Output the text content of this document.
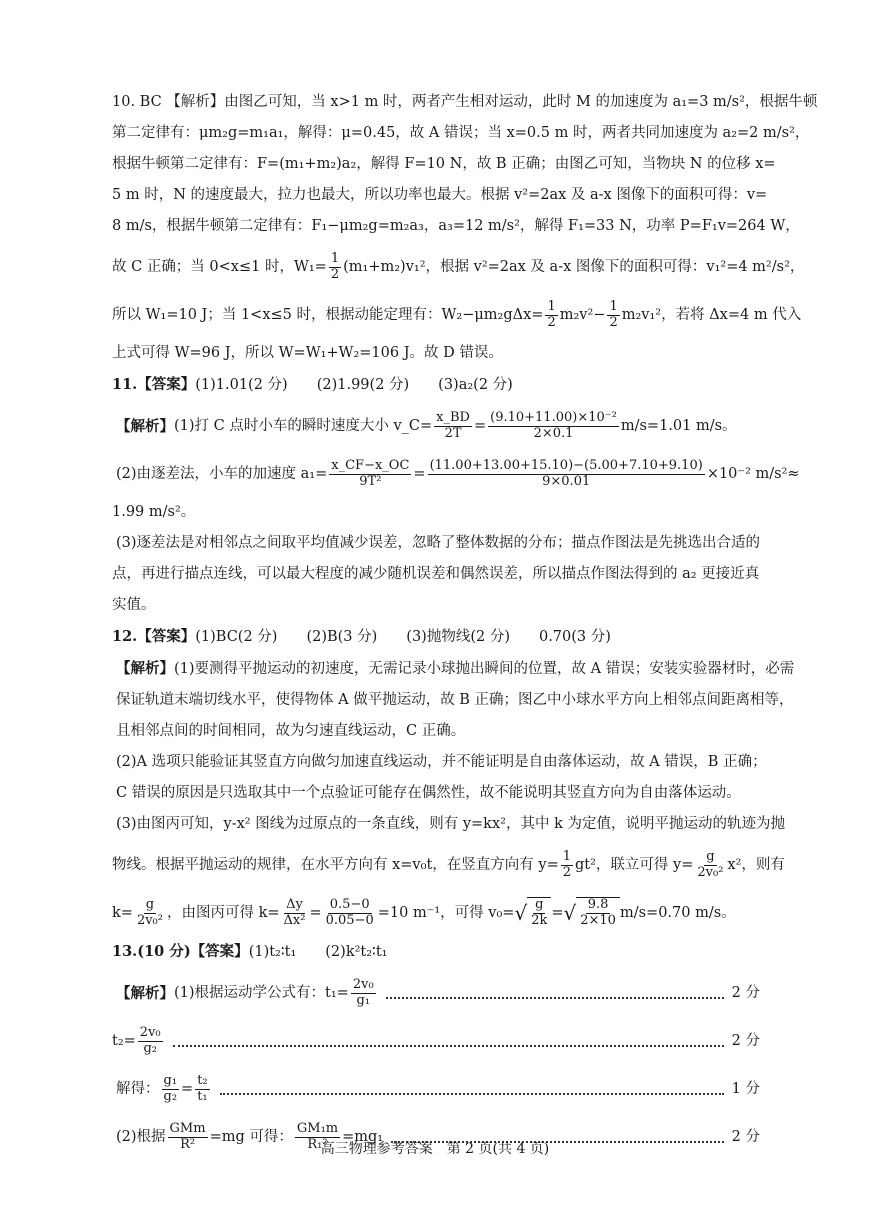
10. BC 【解析】由图乙可知，当 x>1 m 时，两者产生相对运动，此时 M 的加速度为 a₁=3 m/s²，根据牛顿
第二定律有：μm₂g=m₁a₁，解得：μ=0.45，故 A 错误；当 x=0.5 m 时，两者共同加速度为 a₂=2 m/s²，
根据牛顿第二定律有：F=(m₁+m₂)a₂，解得 F=10 N，故 B 正确；由图乙可知，当物块 N 的位移 x=
5 m 时，N 的速度最大，拉力也最大，所以功率也最大。根据 v²=2ax 及 a-x 图像下的面积可得：v=
8 m/s，根据牛顿第二定律有：F₁−μm₂g=m₂a₃，a₃=12 m/s²，解得 F₁=33 N，功率 P=F₁v=264 W，
故 C 正确；当 0<x≤1 时，$W_1= \frac{1}{2} (m_1+m_2)v_1^2$，根据 v²=2ax 及 a-x 图像下的面积可得：v₁²=4 m²/s²，
所以 W₁=10 J；当 1<x≤5 时，根据动能定理有：$W_2-\mu m_2g\Delta x= \frac{1}{2} m_2v^2- \frac{1}{2} m_2v_1^2$，若将 Δx=4 m 代入
上式可得 W=96 J，所以 W=W₁+W₂=106 J。故 D 错误。
11.【答案】(1)1.01(2 分)　　(2)1.99(2 分)　　(3)a₂(2 分)
【解析】 (1)打 C 点时小车的瞬时速度大小 v_C= $\frac{x\_BD}{2T} = \frac{\text{(9.10+11.00)×10⁻²}}{2\times 0.1} m/s=1.01$ m/s。
(2)由逐差法，小车的加速度 $a_1= \frac{x\_CF-x\_OC}{\text{9T²}} = \frac{(11.00+13.00+15.10)-(5.00+7.10+9.10)}{9\times 0.01} \times 10^{-2}$ m/s²≈
1.99 m/s²。
(3)逐差法是对相邻点之间取平均值减少误差，忽略了整体数据的分布；描点作图法是先挑选出合适的
点，再进行描点连线，可以最大程度的减少随机误差和偶然误差，所以描点作图法得到的 a₂ 更接近真
实值。
12.【答案】(1)BC(2 分)　　(2)B(3 分)　　(3)抛物线(2 分)　　0.70(3 分)
【解析】(1)要测得平抛运动的初速度，无需记录小球抛出瞬间的位置，故 A 错误；安装实验器材时，必需
保证轨道末端切线水平，使得物体 A 做平抛运动，故 B 正确；图乙中小球水平方向上相邻点间距离相等，
且相邻点间的时间相同，故为匀速直线运动，C 正确。
(2)A 选项只能验证其竖直方向做匀加速直线运动，并不能证明是自由落体运动，故 A 错误，B 正确；
C 错误的原因是只选取其中一个点验证可能存在偶然性，故不能说明其竖直方向为自由落体运动。
(3)由图丙可知，y-x² 图线为过原点的一条直线，则有 y=kx²，其中 k 为定值，说明平抛运动的轨迹为抛
物线。根据平抛运动的规律，在水平方向有 x=v₀t，在竖直方向有 $y= \frac{1}{2} gt^2$，联立可得 $y= \frac{g}{\text{2v₀²}} x^2$，则有
$k= \frac{g}{\text{2v₀²}}$ ，由图丙可得 $k= \frac{\Delta y}{\text{Δx²}} = \frac{0.5-0}{0.05-0} =10$ m⁻¹，可得 v₀= √ $\frac{g}{2k}$ = √ $\frac{9.8}{2\times 10} m/s=0.70$ m/s。
13.(10 分)【答案】(1)t₂∶t₁　　(2)k²t₂∶t₁
【解析】 (1)根据运动学公式有：$t_1= \frac{\text{2v₀}}{\text{g₁}}$	2 分
$t_2= \frac{\text{2v₀}}{\text{g₂}}$	2 分
解得： $\frac{\text{g₁}}{\text{g₂}} = \frac{\text{t₂}}{\text{t₁}}$	1 分
(2)根据 $\frac{\text{GMm}}{\text{R²}} =mg$ 可得： $\frac{\text{GM₁m}}{\text{R₁²}} =mg_1$	2 分
高三物理参考答案　第 2 页(共 4 页)
